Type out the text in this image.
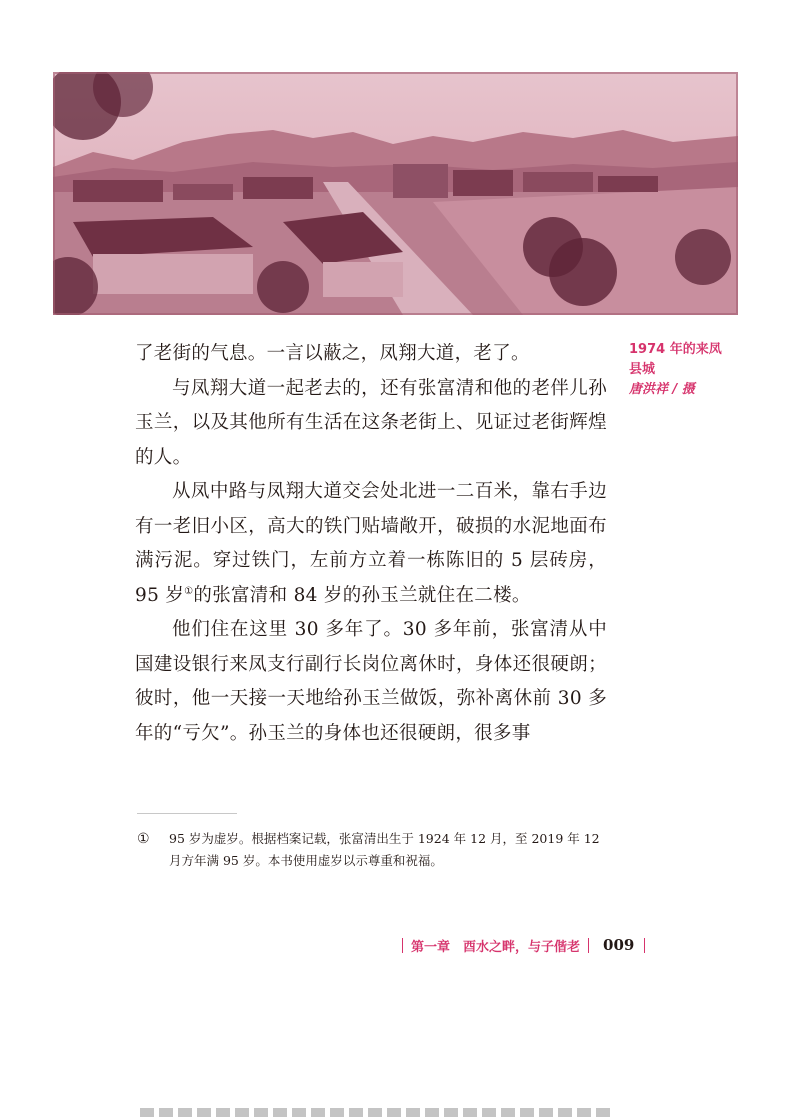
1974 年的来凤
县城
唐洪祥 / 摄

了老街的气息。一言以蔽之，凤翔大道，老了。

与凤翔大道一起老去的，还有张富清和他的老伴儿孙玉兰，以及其他所有生活在这条老街上、见证过老街辉煌的人。

从凤中路与凤翔大道交会处北进一二百米，靠右手边有一老旧小区，高大的铁门贴墙敞开，破损的水泥地面布满污泥。穿过铁门，左前方立着一栋陈旧的 5 层砖房，95 岁①的张富清和 84 岁的孙玉兰就住在二楼。

他们住在这里 30 多年了。30 多年前，张富清从中国建设银行来凤支行副行长岗位离休时，身体还很硬朗；彼时，他一天接一天地给孙玉兰做饭，弥补离休前 30 多年的“亏欠”。孙玉兰的身体也还很硬朗，很多事

① 95 岁为虚岁。根据档案记载，张富清出生于 1924 年 12 月，至 2019 年 12 月方年满 95 岁。本书使用虚岁以示尊重和祝福。
第一章　酉水之畔，与子偕老 009
